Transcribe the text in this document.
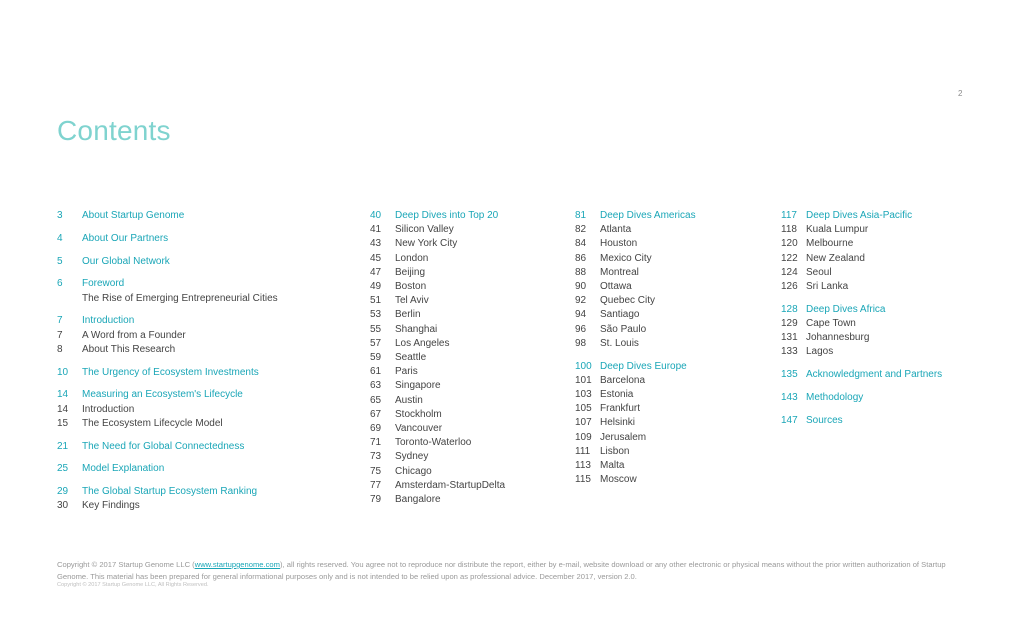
2
Contents
3	About Startup Genome
4	About Our Partners
5	Our Global Network
6	Foreword
The Rise of Emerging Entrepreneurial Cities
7	Introduction
7	A Word from a Founder
8	About This Research
10	The Urgency of Ecosystem Investments
14	Measuring an Ecosystem's Lifecycle
14	Introduction
15	The Ecosystem Lifecycle Model
21	The Need for Global Connectedness
25	Model Explanation
29	The Global Startup Ecosystem Ranking
30	Key Findings
40	Deep Dives into Top 20
41	Silicon Valley
43	New York City
45	London
47	Beijing
49	Boston
51	Tel Aviv
53	Berlin
55	Shanghai
57	Los Angeles
59	Seattle
61	Paris
63	Singapore
65	Austin
67	Stockholm
69	Vancouver
71	Toronto-Waterloo
73	Sydney
75	Chicago
77	Amsterdam-StartupDelta
79	Bangalore
81	Deep Dives Americas
82	Atlanta
84	Houston
86	Mexico City
88	Montreal
90	Ottawa
92	Quebec City
94	Santiago
96	São Paulo
98	St. Louis
100 Deep Dives Europe
101 Barcelona
103 Estonia
105 Frankfurt
107 Helsinki
109 Jerusalem
111 Lisbon
113 Malta
115 Moscow
117 Deep Dives Asia-Pacific
118 Kuala Lumpur
120 Melbourne
122 New Zealand
124 Seoul
126 Sri Lanka
128 Deep Dives Africa
129 Cape Town
131 Johannesburg
133 Lagos
135 Acknowledgment and Partners
143 Methodology
147 Sources
Copyright © 2017 Startup Genome LLC (www.startupgenome.com), all rights reserved. You agree not to reproduce nor distribute the report, either by e-mail, website download or any other electronic or physical means without the prior written authorization of Startup Genome. This material has been prepared for general informational purposes only and is not intended to be relied upon as professional advice. December 2017, version 2.0.
Copyright © 2017 Startup Genome LLC, All Rights Reserved.
